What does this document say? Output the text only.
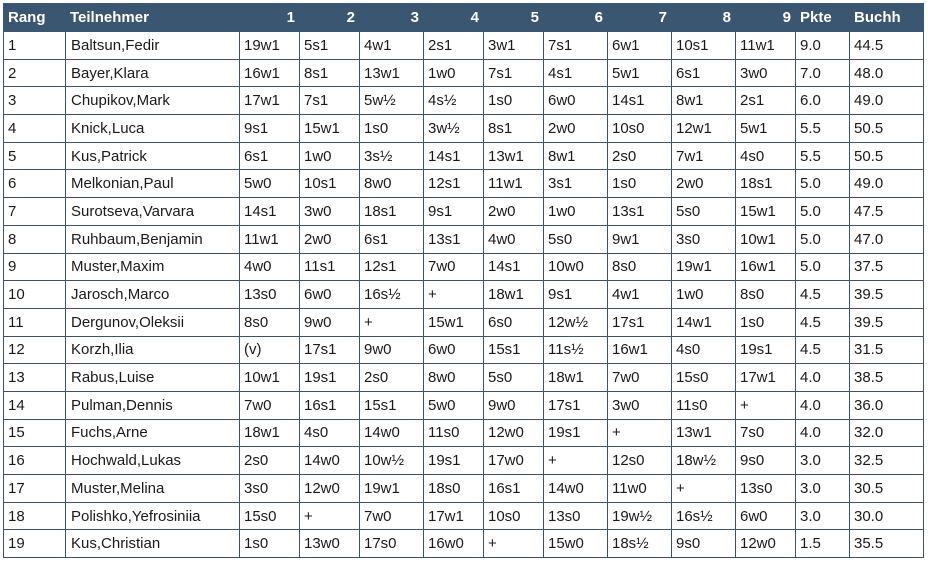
Rang	Teilnehmer	1	2	3	4	5	6	7	8	9	Pkte	Buchh
1	Baltsun,Fedir	19w1	5s1	4w1	2s1	3w1	7s1	6w1	10s1	11w1	9.0	44.5
2	Bayer,Klara	16w1	8s1	13w1	1w0	7s1	4s1	5w1	6s1	3w0	7.0	48.0
3	Chupikov,Mark	17w1	7s1	5w½	4s½	1s0	6w0	14s1	8w1	2s1	6.0	49.0
4	Knick,Luca	9s1	15w1	1s0	3w½	8s1	2w0	10s0	12w1	5w1	5.5	50.5
5	Kus,Patrick	6s1	1w0	3s½	14s1	13w1	8w1	2s0	7w1	4s0	5.5	50.5
6	Melkonian,Paul	5w0	10s1	8w0	12s1	11w1	3s1	1s0	2w0	18s1	5.0	49.0
7	Surotseva,Varvara	14s1	3w0	18s1	9s1	2w0	1w0	13s1	5s0	15w1	5.0	47.5
8	Ruhbaum,Benjamin	11w1	2w0	6s1	13s1	4w0	5s0	9w1	3s0	10w1	5.0	47.0
9	Muster,Maxim	4w0	11s1	12s1	7w0	14s1	10w0	8s0	19w1	16w1	5.0	37.5
10	Jarosch,Marco	13s0	6w0	16s½	+	18w1	9s1	4w1	1w0	8s0	4.5	39.5
11	Dergunov,Oleksii	8s0	9w0	+	15w1	6s0	12w½	17s1	14w1	1s0	4.5	39.5
12	Korzh,Ilia	(v)	17s1	9w0	6w0	15s1	11s½	16w1	4s0	19s1	4.5	31.5
13	Rabus,Luise	10w1	19s1	2s0	8w0	5s0	18w1	7w0	15s0	17w1	4.0	38.5
14	Pulman,Dennis	7w0	16s1	15s1	5w0	9w0	17s1	3w0	11s0	+	4.0	36.0
15	Fuchs,Arne	18w1	4s0	14w0	11s0	12w0	19s1	+	13w1	7s0	4.0	32.0
16	Hochwald,Lukas	2s0	14w0	10w½	19s1	17w0	+	12s0	18w½	9s0	3.0	32.5
17	Muster,Melina	3s0	12w0	19w1	18s0	16s1	14w0	11w0	+	13s0	3.0	30.5
18	Polishko,Yefrosiniia	15s0	+	7w0	17w1	10s0	13s0	19w½	16s½	6w0	3.0	30.0
19	Kus,Christian	1s0	13w0	17s0	16w0	+	15w0	18s½	9s0	12w0	1.5	35.5
